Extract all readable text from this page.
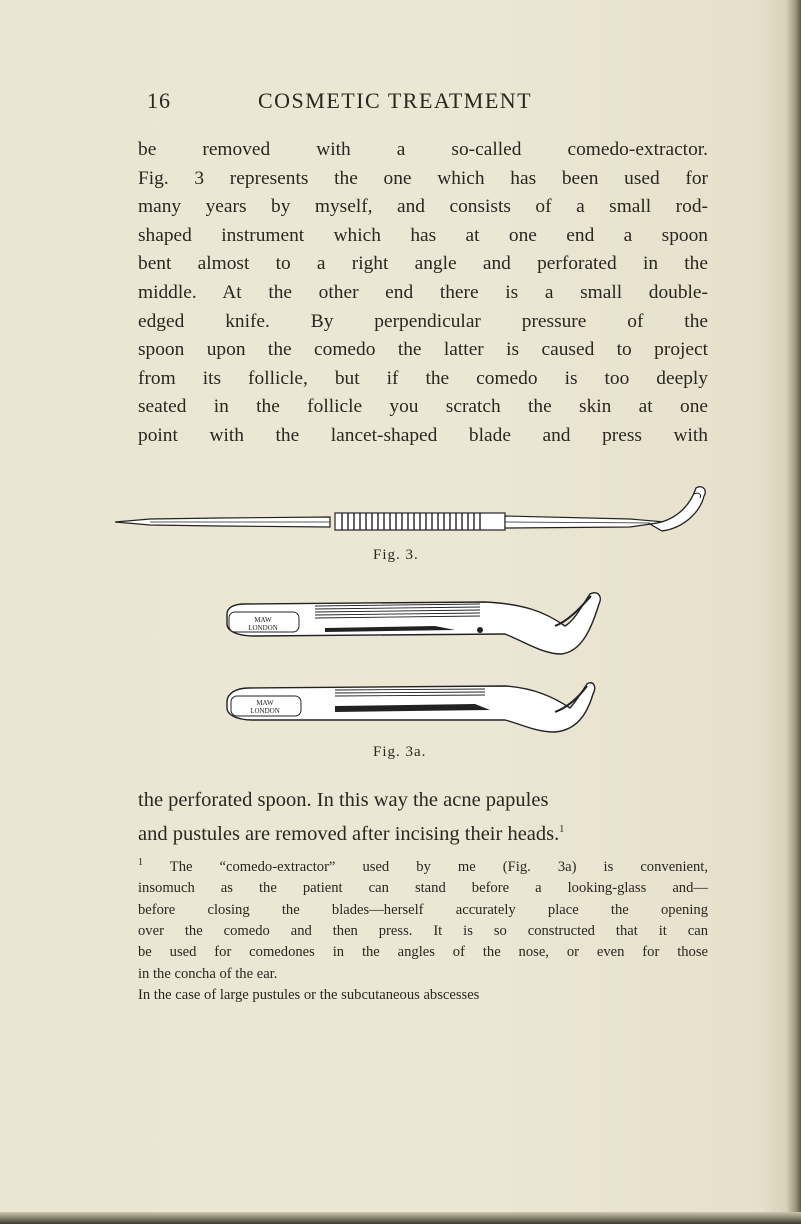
16	COSMETIC TREATMENT
be removed with a so-called comedo-extractor.
Fig. 3 represents the one which has been used for
many years by myself, and consists of a small rod-
shaped instrument which has at one end a spoon
bent almost to a right angle and perforated in the
middle. At the other end there is a small double-
edged knife. By perpendicular pressure of the
spoon upon the comedo the latter is caused to project
from its follicle, but if the comedo is too deeply
seated in the follicle you scratch the skin at one
point with the lancet-shaped blade and press with
Fig. 3.
MAW
LONDON
MAW
LONDON
Fig. 3a.
the perforated spoon. In this way the acne papules
and pustules are removed after incising their heads.$^1$
$^1$ The “comedo-extractor” used by me (Fig. 3a) is convenient,
insomuch as the patient can stand before a looking-glass and—
before closing the blades—herself accurately place the opening
over the comedo and then press. It is so constructed that it can
be used for comedones in the angles of the nose, or even for those
in the concha of the ear.
In the case of large pustules or the subcutaneous abscesses
